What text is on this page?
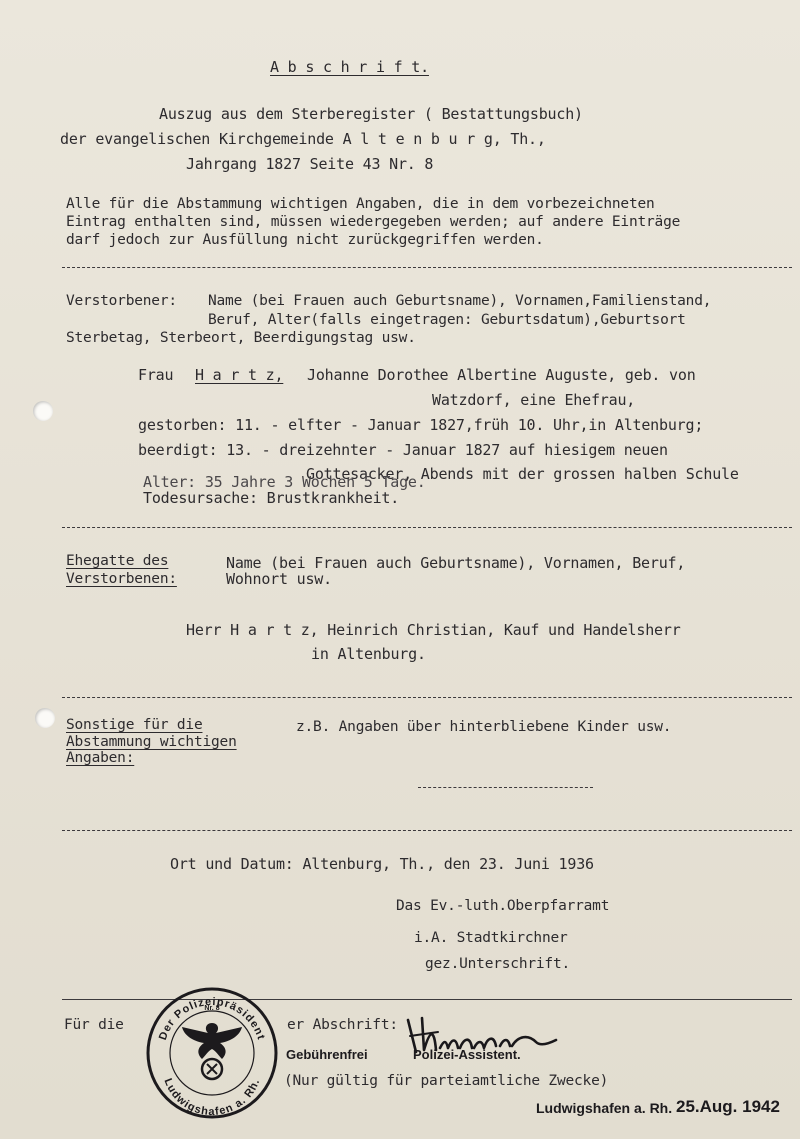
A b s c h r i f t.
Auszug aus dem Sterberegister ( Bestattungsbuch)
der evangelischen Kirchgemeinde A l t e n b u r g, Th.,
Jahrgang 1827 Seite 43 Nr. 8
Alle für die Abstammung wichtigen Angaben, die in dem vorbezeichneten
Eintrag enthalten sind, müssen wiedergegeben werden; auf andere Einträge
darf jedoch zur Ausfüllung nicht zurückgegriffen werden.
Verstorbener: Name (bei Frauen auch Geburtsname), Vornamen,Familienstand,
Beruf, Alter(falls eingetragen: Geburtsdatum),Geburtsort
Sterbetag, Sterbeort, Beerdigungstag usw.
Frau H a r t z, Johanne Dorothee Albertine Auguste, geb. von
Watzdorf, eine Ehefrau,
gestorben: 11. - elfter - Januar 1827,früh 10. Uhr,in Altenburg;
beerdigt: 13. - dreizehnter - Januar 1827 auf hiesigem neuen
Gottesacker, Abends mit der grossen halben Schule
Alter: 35 Jahre 3 Wochen 5 Tage.
Todesursache: Brustkrankheit.
Ehegatte des
Verstorbenen:
Name (bei Frauen auch Geburtsname), Vornamen, Beruf,
Wohnort usw.
Herr H a r t z, Heinrich Christian, Kauf und Handelsherr
in Altenburg.
Sonstige für die
Abstammung wichtigen
Angaben:
z.B. Angaben über hinterbliebene Kinder usw.
Ort und Datum: Altenburg, Th., den 23. Juni 1936
Das Ev.-luth.Oberpfarramt
i.A. Stadtkirchner
gez.Unterschrift.
Für die	er Abschrift:
Gebührenfrei	Polizei-Assistent.
(Nur gültig für parteiamtliche Zwecke)
Ludwigshafen a. Rh. 25.Aug. 1942
Der Polizeipräsident
Ludwigshafen a. Rh.
Nr. 8
